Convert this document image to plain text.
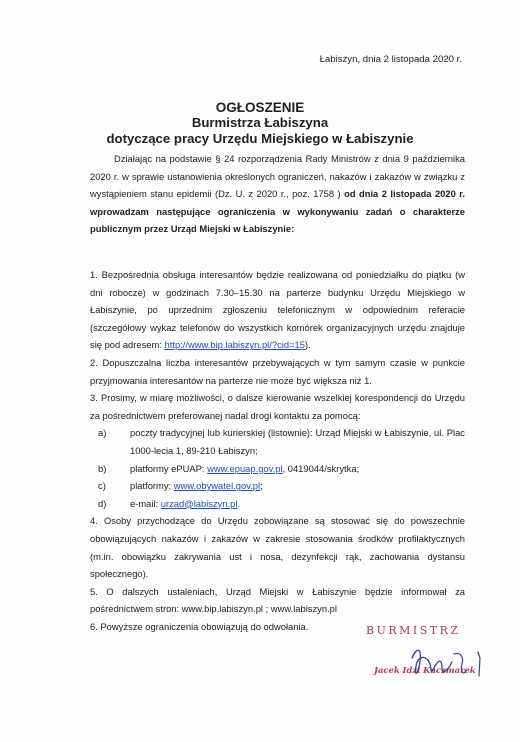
Łabiszyn, dnia 2 listopada 2020 r.
OGŁOSZENIE
Burmistrza Łabiszyna
dotyczące pracy Urzędu Miejskiego w Łabiszynie
Działając na podstawie § 24 rozporządzenia Rady Ministrów z dnia 9 października 2020 r. w sprawie ustanowienia określonych ograniczeń, nakazów i zakazów w związku z wystąpieniem stanu epidemii (Dz. U. z 2020 r., poz. 1758 ) od dnia 2 listopada 2020 r. wprowadzam następujące ograniczenia w wykonywaniu zadań o charakterze publicznym przez Urząd Miejski w Łabiszynie:

1. Bezpośrednia obsługa interesantów będzie realizowana od poniedziałku do piątku (w dni robocze) w godzinach 7.30–15.30 na parterze budynku Urzędu Miejskiego w Łabiszynie, po uprzednim zgłoszeniu telefonicznym w odpowiednim referacie (szczegółowy wykaz telefonów do wszystkich komórek organizacyjnych urzędu znajduje się pod adresem: http://www.bip.labiszyn.pl/?cid=15).

2. Dopuszczalna liczba interesantów przebywających w tym samym czasie w punkcie przyjmowania interesantów na parterze nie może być większa niż 1.

3. Prosimy, w miarę możliwości, o dalsze kierowanie wszelkiej korespondencji do Urzędu za pośrednictwem preferowanej nadal drogi kontaktu za pomocą:

a)	poczty tradycyjnej lub kurierskiej (listownie): Urząd Miejski w Łabiszynie, ul. Plac 1000-lecia 1, 89-210 Łabiszyn;
b)	platformy ePUAP: www.epuap.gov.pl, 0419044/skrytka;
c)	platformy: www.obywatel.gov.pl;
d)	e-mail: urzad@labiszyn.pl.

4. Osoby przychodzące do Urzędu zobowiązane są stosować się do powszechnie obowiązujących nakazów i zakazów w zakresie stosowania środków profilaktycznych (m.in. obowiązku zakrywania ust i nosa, dezynfekcji rąk, zachowania dystansu społecznego).

5. O dalszych ustaleniach, Urząd Miejski w Łabiszynie będzie informował za pośrednictwem stron: www.bip.labiszyn.pl ; www.labiszyn.pl

6. Powyższe ograniczenia obowiązują do odwołania.	BURMISTRZ
Jacek Idzi Kaczmarek
